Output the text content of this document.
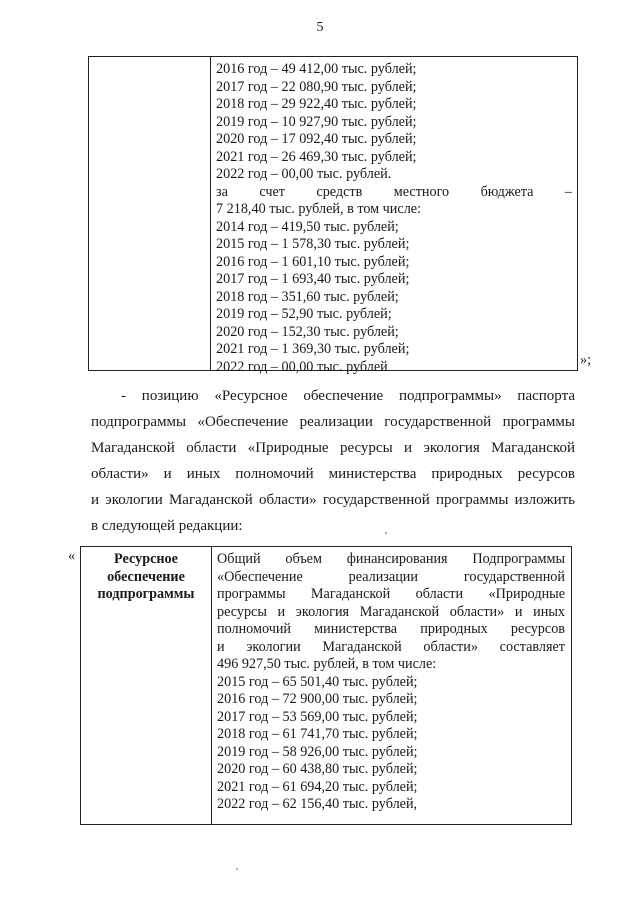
5
2016 год – 49 412,00 тыс. рублей;
2017 год – 22 080,90 тыс. рублей;
2018 год – 29 922,40 тыс. рублей;
2019 год – 10 927,90 тыс. рублей;
2020 год – 17 092,40 тыс. рублей;
2021 год – 26 469,30 тыс. рублей;
2022 год – 00,00 тыс. рублей.
за счет средств местного бюджета –
7 218,40 тыс. рублей, в том числе:
2014 год – 419,50 тыс. рублей;
2015 год – 1 578,30 тыс. рублей;
2016 год – 1 601,10 тыс. рублей;
2017 год – 1 693,40 тыс. рублей;
2018 год – 351,60 тыс. рублей;
2019 год – 52,90 тыс. рублей;
2020 год – 152,30 тыс. рублей;
2021 год – 1 369,30 тыс. рублей;
2022 год – 00,00 тыс. рублей	»;
- позицию «Ресурсное обеспечение подпрограммы» паспорта
подпрограммы «Обеспечение реализации государственной программы
Магаданской области «Природные ресурсы и экология Магаданской
области» и иных полномочий министерства природных ресурсов
и экологии Магаданской области» государственной программы изложить
в следующей редакции:
«	Ресурсное
обеспечение
подпрограммы
Общий объем финансирования Подпрограммы
«Обеспечение реализации государственной
программы Магаданской области «Природные
ресурсы и экология Магаданской области» и иных
полномочий министерства природных ресурсов
и экологии Магаданской области» составляет
496 927,50 тыс. рублей, в том числе:
2015 год – 65 501,40 тыс. рублей;
2016 год – 72 900,00 тыс. рублей;
2017 год – 53 569,00 тыс. рублей;
2018 год – 61 741,70 тыс. рублей;
2019 год – 58 926,00 тыс. рублей;
2020 год – 60 438,80 тыс. рублей;
2021 год – 61 694,20 тыс. рублей;
2022 год – 62 156,40 тыс. рублей,
